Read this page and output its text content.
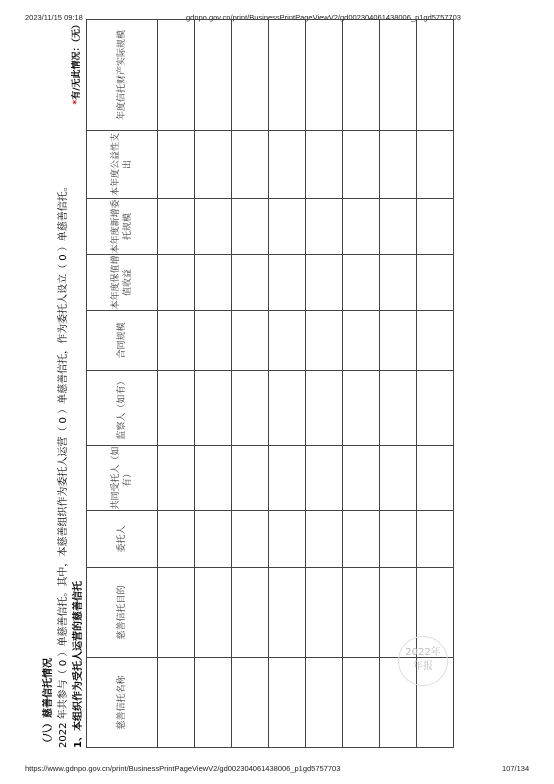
2023/11/15 09:18	gdnpo.gov.cn/print/BusinessPrintPageViewV2/gd002304061438006_p1gd5757703
（八）慈善信托情况 2022 年共参与（ 0 ）单慈善信托。其中，本慈善组织作为委托人运营（ 0 ）单慈善信托，作为委托人设立（ 0 ）单慈善信托。 1、本组织作为受托人运营的慈善信托
*有/无此情况：（无）
慈善信托名称	慈善信托目的	委托人	共同受托人（如有）	监察人（如有）	合同规模	本年度保值增值收益	本年度新增委托规模	本年度公益性支出	年度信托财产实际规模

2022年
年报
https://www.gdnpo.gov.cn/print/BusinessPrintPageViewV2/gd002304061438006_p1gd5757703	107/134
